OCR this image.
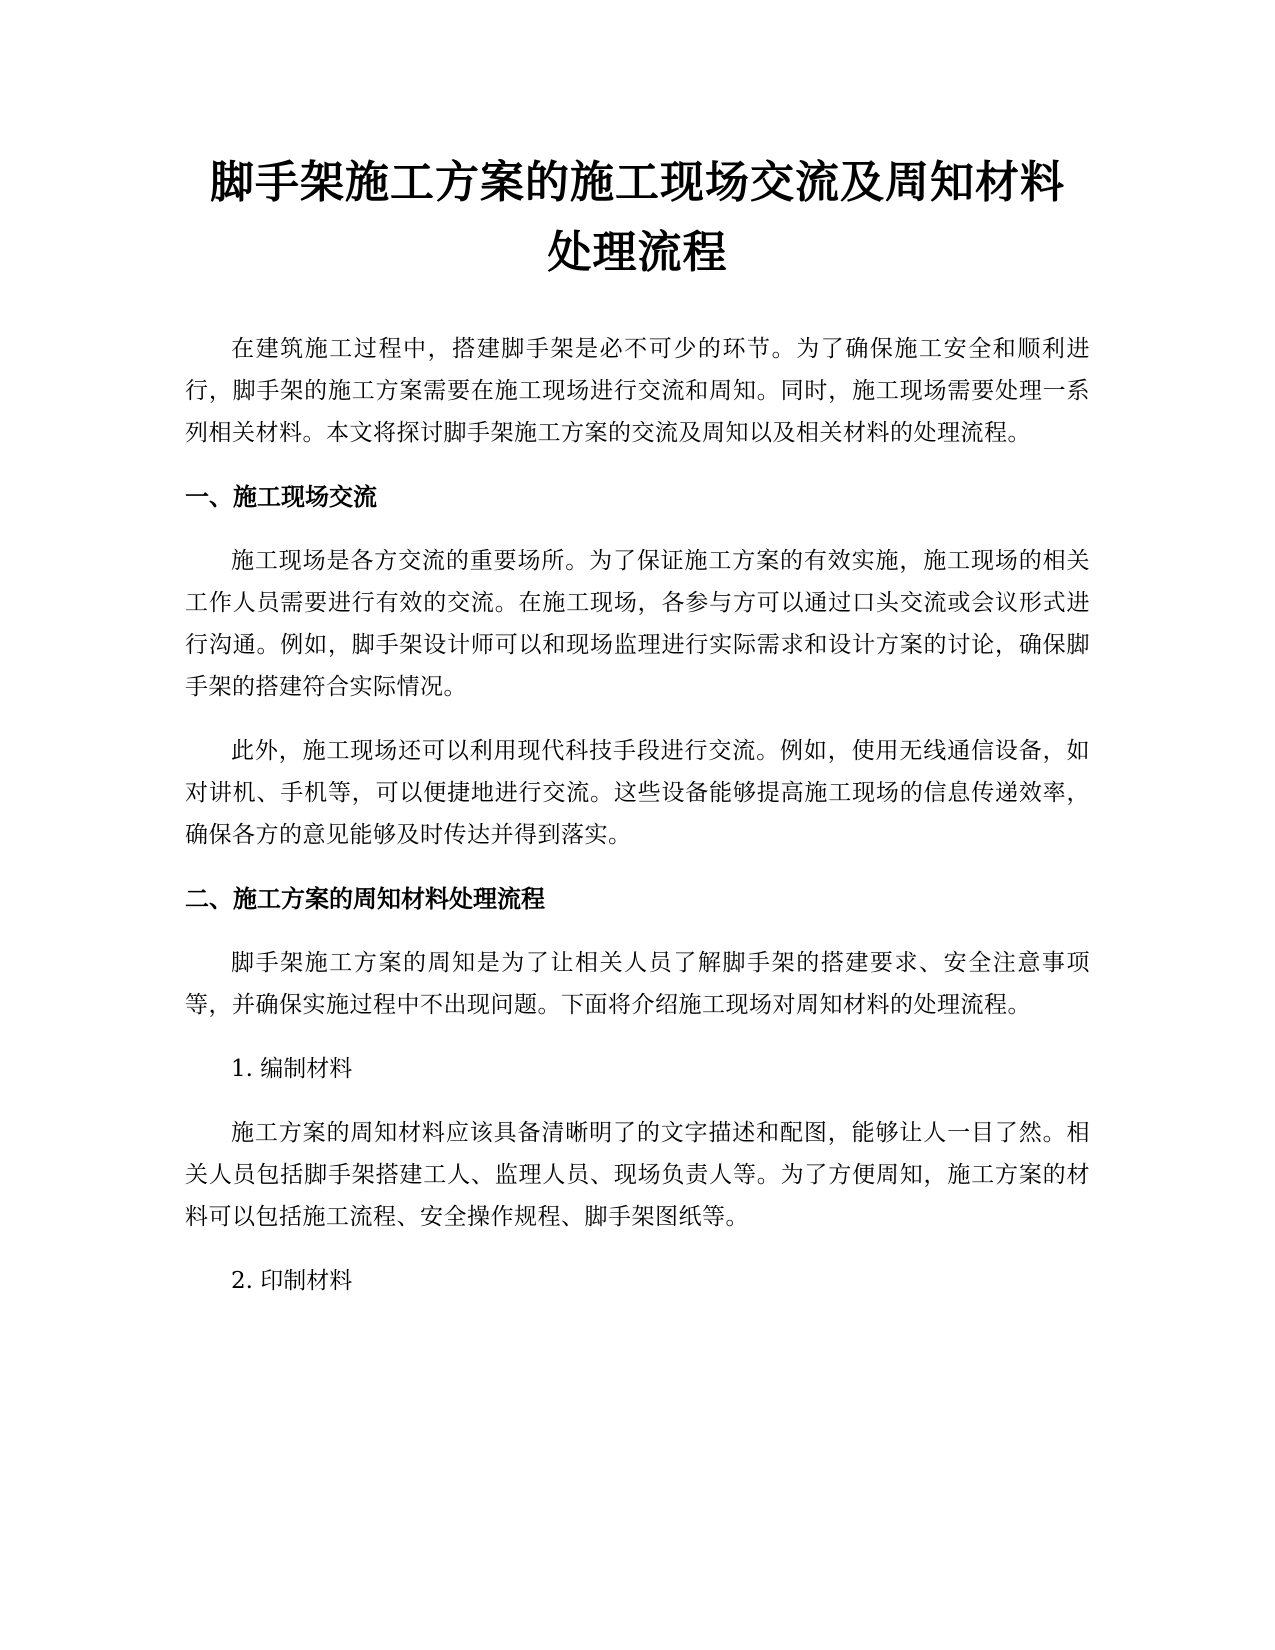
脚手架施工方案的施工现场交流及周知材料
处理流程

在建筑施工过程中，搭建脚手架是必不可少的环节。为了确保施工安全和顺利进行，脚手架的施工方案需要在施工现场进行交流和周知。同时，施工现场需要处理一系列相关材料。本文将探讨脚手架施工方案的交流及周知以及相关材料的处理流程。

一、施工现场交流

施工现场是各方交流的重要场所。为了保证施工方案的有效实施，施工现场的相关工作人员需要进行有效的交流。在施工现场，各参与方可以通过口头交流或会议形式进行沟通。例如，脚手架设计师可以和现场监理进行实际需求和设计方案的讨论，确保脚手架的搭建符合实际情况。

此外，施工现场还可以利用现代科技手段进行交流。例如，使用无线通信设备，如对讲机、手机等，可以便捷地进行交流。这些设备能够提高施工现场的信息传递效率，确保各方的意见能够及时传达并得到落实。

二、施工方案的周知材料处理流程

脚手架施工方案的周知是为了让相关人员了解脚手架的搭建要求、安全注意事项等，并确保实施过程中不出现问题。下面将介绍施工现场对周知材料的处理流程。

1. 编制材料

施工方案的周知材料应该具备清晰明了的文字描述和配图，能够让人一目了然。相关人员包括脚手架搭建工人、监理人员、现场负责人等。为了方便周知，施工方案的材料可以包括施工流程、安全操作规程、脚手架图纸等。

2. 印制材料
